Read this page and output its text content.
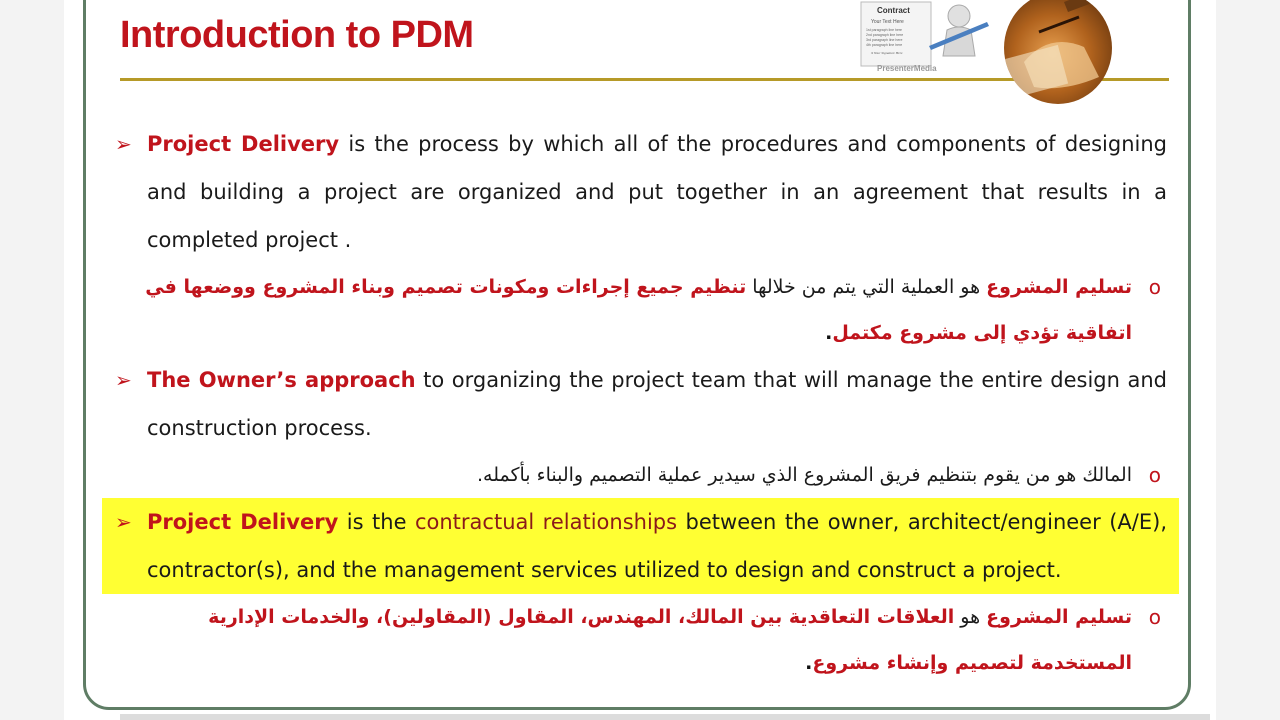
Introduction to PDM
Contract
Your Text Here
1st paragraph line here
2nd paragraph line here
3rd paragraph line here
4th paragraph line here
X Your Signature Here
PresenterMedia

➢ Project Delivery is the process by which all of the procedures and components of designing and building a project are organized and put together in an agreement that results in a completed project .

o
تسليم المشروع هو العملية التي يتم من خلالها تنظيم جميع إجراءات ومكونات تصميم وبناء المشروع ووضعها في اتفاقية تؤدي إلى مشروع مكتمل.

➢ The Owner’s approach to organizing the project team that will manage the entire design and construction process.

o
المالك هو من يقوم بتنظيم فريق المشروع الذي سيدير عملية التصميم والبناء بأكمله.

➢ Project Delivery is the contractual relationships between the owner, architect/engineer (A/E), contractor(s), and the management services utilized to design and construct a project.

o
تسليم المشروع هو العلاقات التعاقدية بين المالك، المهندس، المقاول (المقاولين)، والخدمات الإدارية المستخدمة لتصميم وإنشاء مشروع.
